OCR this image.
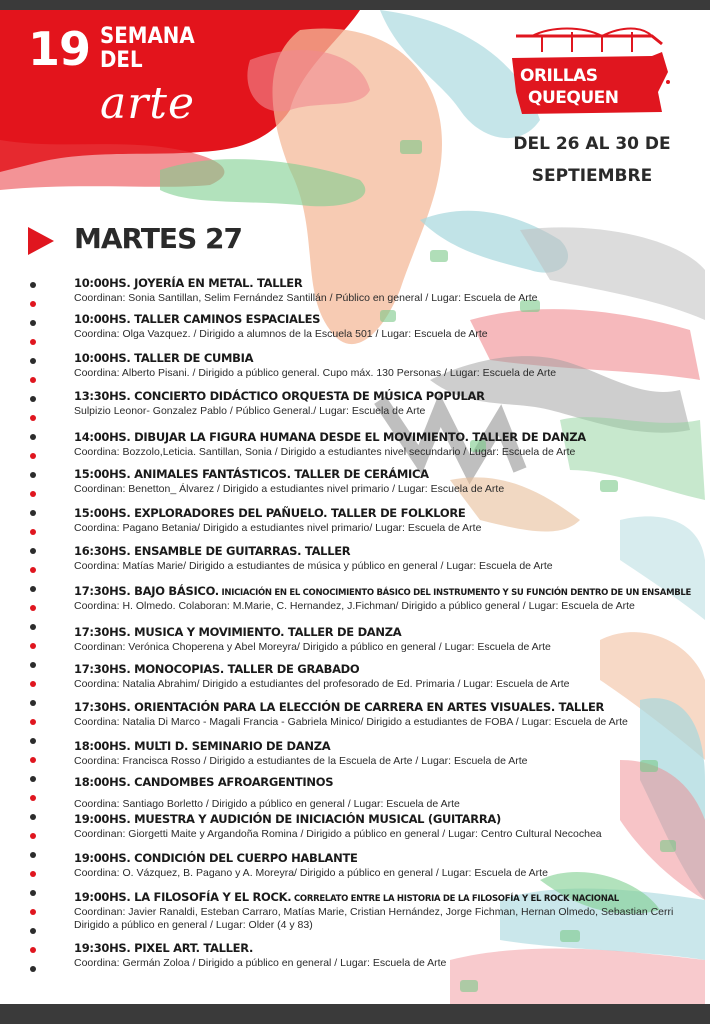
19 SEMANA
DEL
arte
ORILLAS
QUEQUEN
DEL 26 AL 30 DE
SEPTIEMBRE
MARTES 27
10:00HS. JOYERÍA EN METAL. TALLER
Coordinan: Sonia Santillan, Selim Fernández Santillán / Público en general / Lugar: Escuela de Arte
10:00HS. TALLER CAMINOS ESPACIALES
Coordina: Olga Vazquez. / Dirigido a alumnos de la Escuela 501 / Lugar: Escuela de Arte
10:00HS. TALLER DE CUMBIA
Coordina: Alberto Pisani. / Dirigido a público general. Cupo máx. 130 Personas / Lugar: Escuela de Arte
13:30HS. CONCIERTO DIDÁCTICO ORQUESTA DE MÚSICA POPULAR
Sulpizio Leonor- Gonzalez Pablo / Público General./ Lugar: Escuela de Arte
14:00HS. DIBUJAR LA FIGURA HUMANA DESDE EL MOVIMIENTO. TALLER DE DANZA
Coordina: Bozzolo,Leticia. Santillan, Sonia / Dirigido a estudiantes nivel secundario / Lugar: Escuela de Arte
15:00HS. ANIMALES FANTÁSTICOS. TALLER DE CERÁMICA
Coordinan: Benetton_ Álvarez / Dirigido a estudiantes nivel primario / Lugar: Escuela de Arte
15:00HS. EXPLORADORES DEL PAÑUELO. TALLER DE FOLKLORE
Coordina: Pagano Betania/ Dirigido a estudiantes nivel primario/ Lugar: Escuela de Arte
16:30HS. ENSAMBLE DE GUITARRAS. TALLER
Coordina: Matías Marie/ Dirigido a estudiantes de música y público en general / Lugar: Escuela de Arte
17:30HS. BAJO BÁSICO. INICIACIÓN EN EL CONOCIMIENTO BÁSICO DEL INSTRUMENTO Y SU FUNCIÓN DENTRO DE UN ENSAMBLE
Coordina: H. Olmedo. Colaboran: M.Marie, C. Hernandez, J.Fichman/ Dirigido a público general / Lugar: Escuela de Arte
17:30HS. MUSICA Y MOVIMIENTO. TALLER DE DANZA
Coordinan: Verónica Choperena y Abel Moreyra/ Dirigido a público en general / Lugar: Escuela de Arte
17:30HS. MONOCOPIAS. TALLER DE GRABADO
Coordina: Natalia Abrahim/ Dirigido a estudiantes del profesorado de Ed. Primaria / Lugar: Escuela de Arte
17:30HS. ORIENTACIÓN PARA LA ELECCIÓN DE CARRERA EN ARTES VISUALES. TALLER
Coordina: Natalia Di Marco - Magali Francia - Gabriela Minico/ Dirigido a estudiantes de FOBA / Lugar: Escuela de Arte
18:00HS. MULTI D. SEMINARIO DE DANZA
Coordina: Francisca Rosso / Dirigido a estudiantes de la Escuela de Arte / Lugar: Escuela de Arte
18:00HS. CANDOMBES AFROARGENTINOS
Coordina: Santiago Borletto / Dirigido a público en general / Lugar: Escuela de Arte
19:00HS. MUESTRA Y AUDICIÓN DE INICIACIÓN MUSICAL (GUITARRA)
Coordinan: Giorgetti Maite y Argandoña Romina / Dirigido a público en general / Lugar: Centro Cultural Necochea
19:00HS. CONDICIÓN DEL CUERPO HABLANTE
Coordina: O. Vázquez, B. Pagano y A. Moreyra/ Dirigido a público en general / Lugar: Escuela de Arte
19:00HS. LA FILOSOFÍA Y EL ROCK. CORRELATO ENTRE LA HISTORIA DE LA FILOSOFÍA Y EL ROCK NACIONAL
Coordinan: Javier Ranaldi, Esteban Carraro, Matías Marie, Cristian Hernández, Jorge Fichman, Hernan Olmedo, Sebastian Cerri
Dirigido a público en general / Lugar: Older (4 y 83)
19:30HS. PIXEL ART. TALLER.
Coordina: Germán Zoloa / Dirigido a público en general / Lugar: Escuela de Arte
